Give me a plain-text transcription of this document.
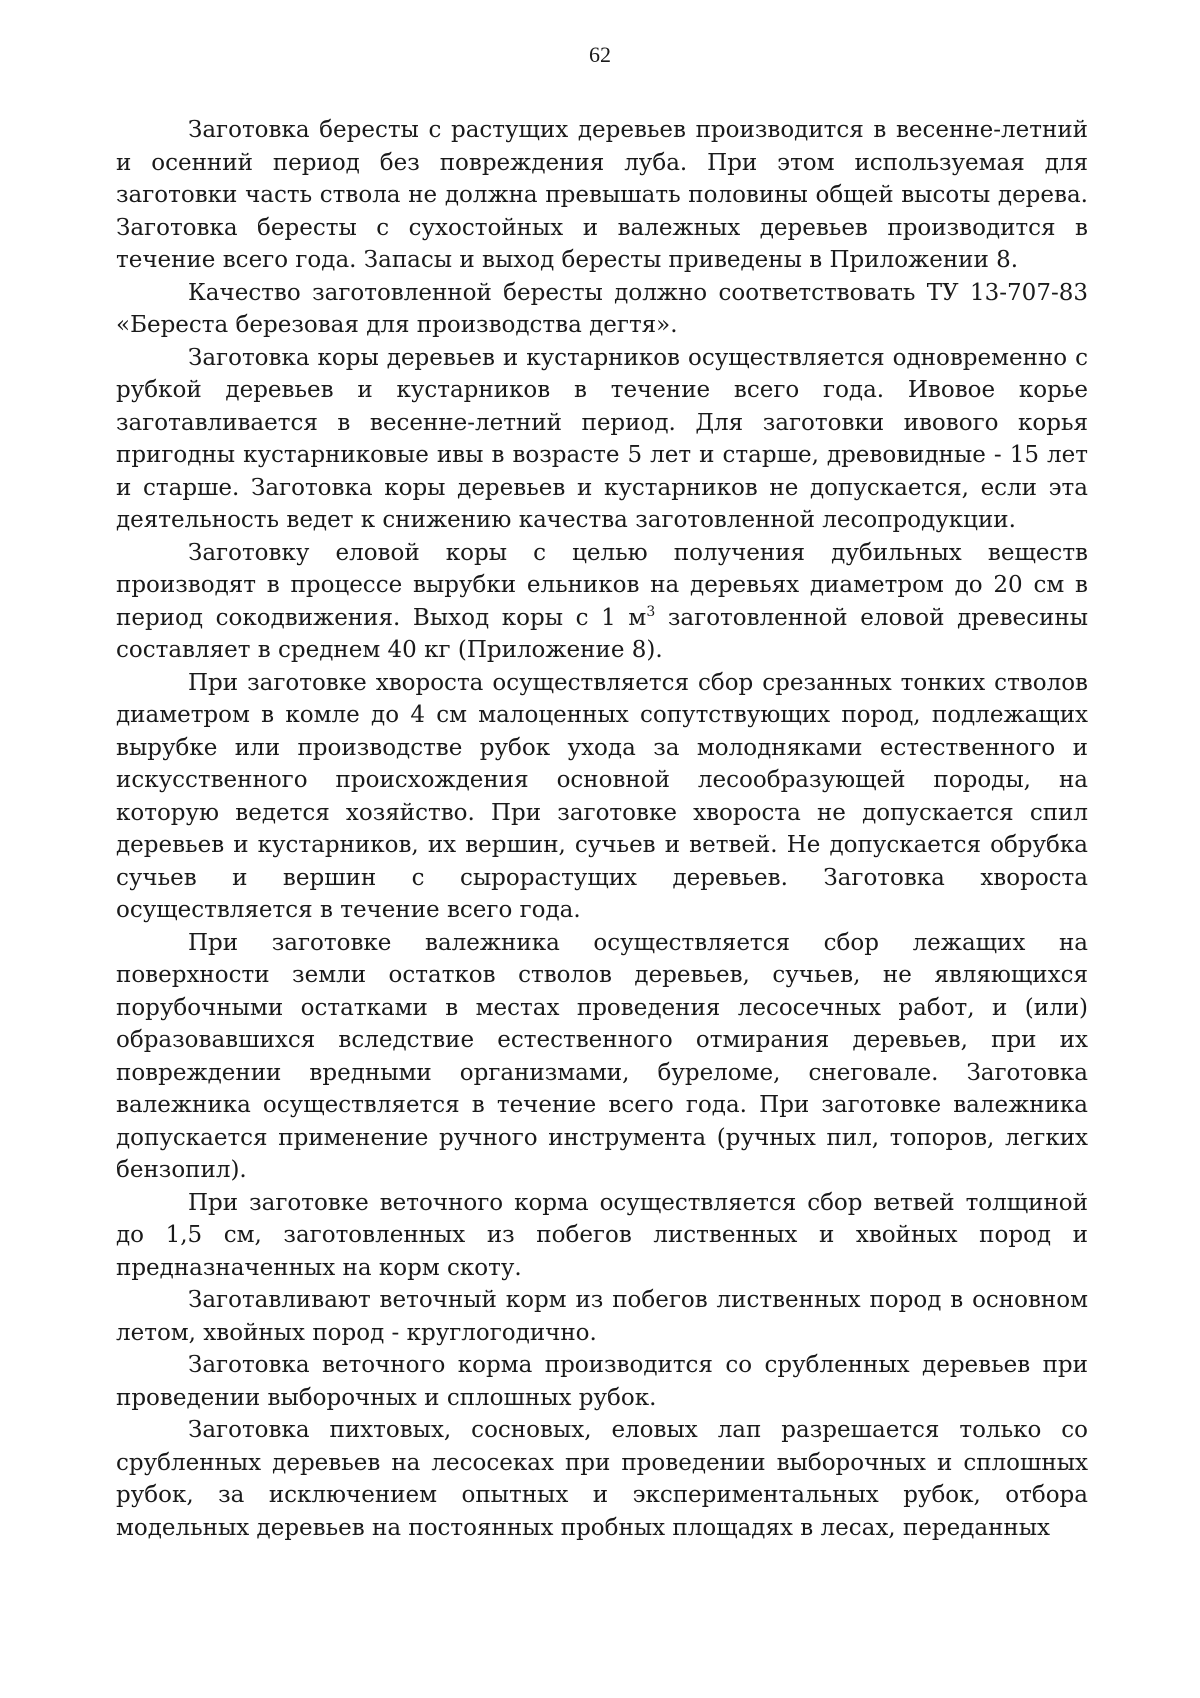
62

Заготовка бересты с растущих деревьев производится в весенне-летний и осенний период без повреждения луба. При этом используемая для заготовки часть ствола не должна превышать половины общей высоты дерева. Заготовка бересты с сухостойных и валежных деревьев производится в течение всего года. Запасы и выход бересты приведены в Приложении 8.

Качество заготовленной бересты должно соответствовать ТУ 13-707-83 «Береста березовая для производства дегтя».

Заготовка коры деревьев и кустарников осуществляется одновременно с рубкой деревьев и кустарников в течение всего года. Ивовое корье заготавливается в весенне-летний период. Для заготовки ивового корья пригодны кустарниковые ивы в возрасте 5 лет и старше, древовидные - 15 лет и старше. Заготовка коры деревьев и кустарников не допускается, если эта деятельность ведет к снижению качества заготовленной лесопродукции.

Заготовку еловой коры с целью получения дубильных веществ производят в процессе вырубки ельников на деревьях диаметром до 20 см в период сокодвижения. Выход коры с 1 $м^3$ заготовленной еловой древесины составляет в среднем 40 кг (Приложение 8).

При заготовке хвороста осуществляется сбор срезанных тонких стволов диаметром в комле до 4 см малоценных сопутствующих пород, подлежащих вырубке или производстве рубок ухода за молодняками естественного и искусственного происхождения основной лесообразующей породы, на которую ведется хозяйство. При заготовке хвороста не допускается спил деревьев и кустарников, их вершин, сучьев и ветвей. Не допускается обрубка сучьев и вершин с сырорастущих деревьев. Заготовка хвороста осуществляется в течение всего года.

При заготовке валежника осуществляется сбор лежащих на поверхности земли остатков стволов деревьев, сучьев, не являющихся порубочными остатками в местах проведения лесосечных работ, и (или) образовавшихся вследствие естественного отмирания деревьев, при их повреждении вредными организмами, буреломе, снеговале. Заготовка валежника осуществляется в течение всего года. При заготовке валежника допускается применение ручного инструмента (ручных пил, топоров, легких бензопил).

При заготовке веточного корма осуществляется сбор ветвей толщиной до 1,5 см, заготовленных из побегов лиственных и хвойных пород и предназначенных на корм скоту.

Заготавливают веточный корм из побегов лиственных пород в основном летом, хвойных пород - круглогодично.

Заготовка веточного корма производится со срубленных деревьев при проведении выборочных и сплошных рубок.

Заготовка пихтовых, сосновых, еловых лап разрешается только со срубленных деревьев на лесосеках при проведении выборочных и сплошных рубок, за исключением опытных и экспериментальных рубок, отбора модельных деревьев на постоянных пробных площадях в лесах, переданных
